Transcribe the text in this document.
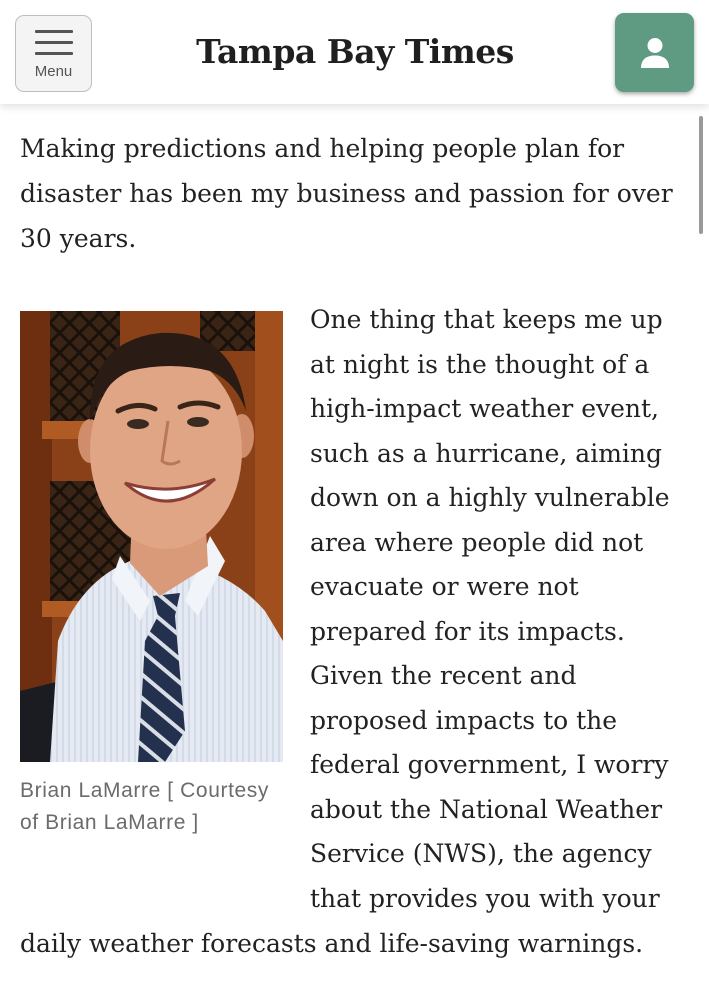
Menu
Tampa Bay Times

Making predictions and helping people plan for disaster has been my business and passion for over 30 years.

Brian LaMarre [ Courtesy of Brian LaMarre ]

One thing that keeps me up
at night is the thought of a
high-impact weather event,
such as a hurricane, aiming
down on a highly vulnerable
area where people did not
evacuate or were not
prepared for its impacts.
Given the recent and
proposed impacts to the
federal government, I worry
about the National Weather
Service (NWS), the agency
that provides you with your
daily weather forecasts and life-saving warnings.
